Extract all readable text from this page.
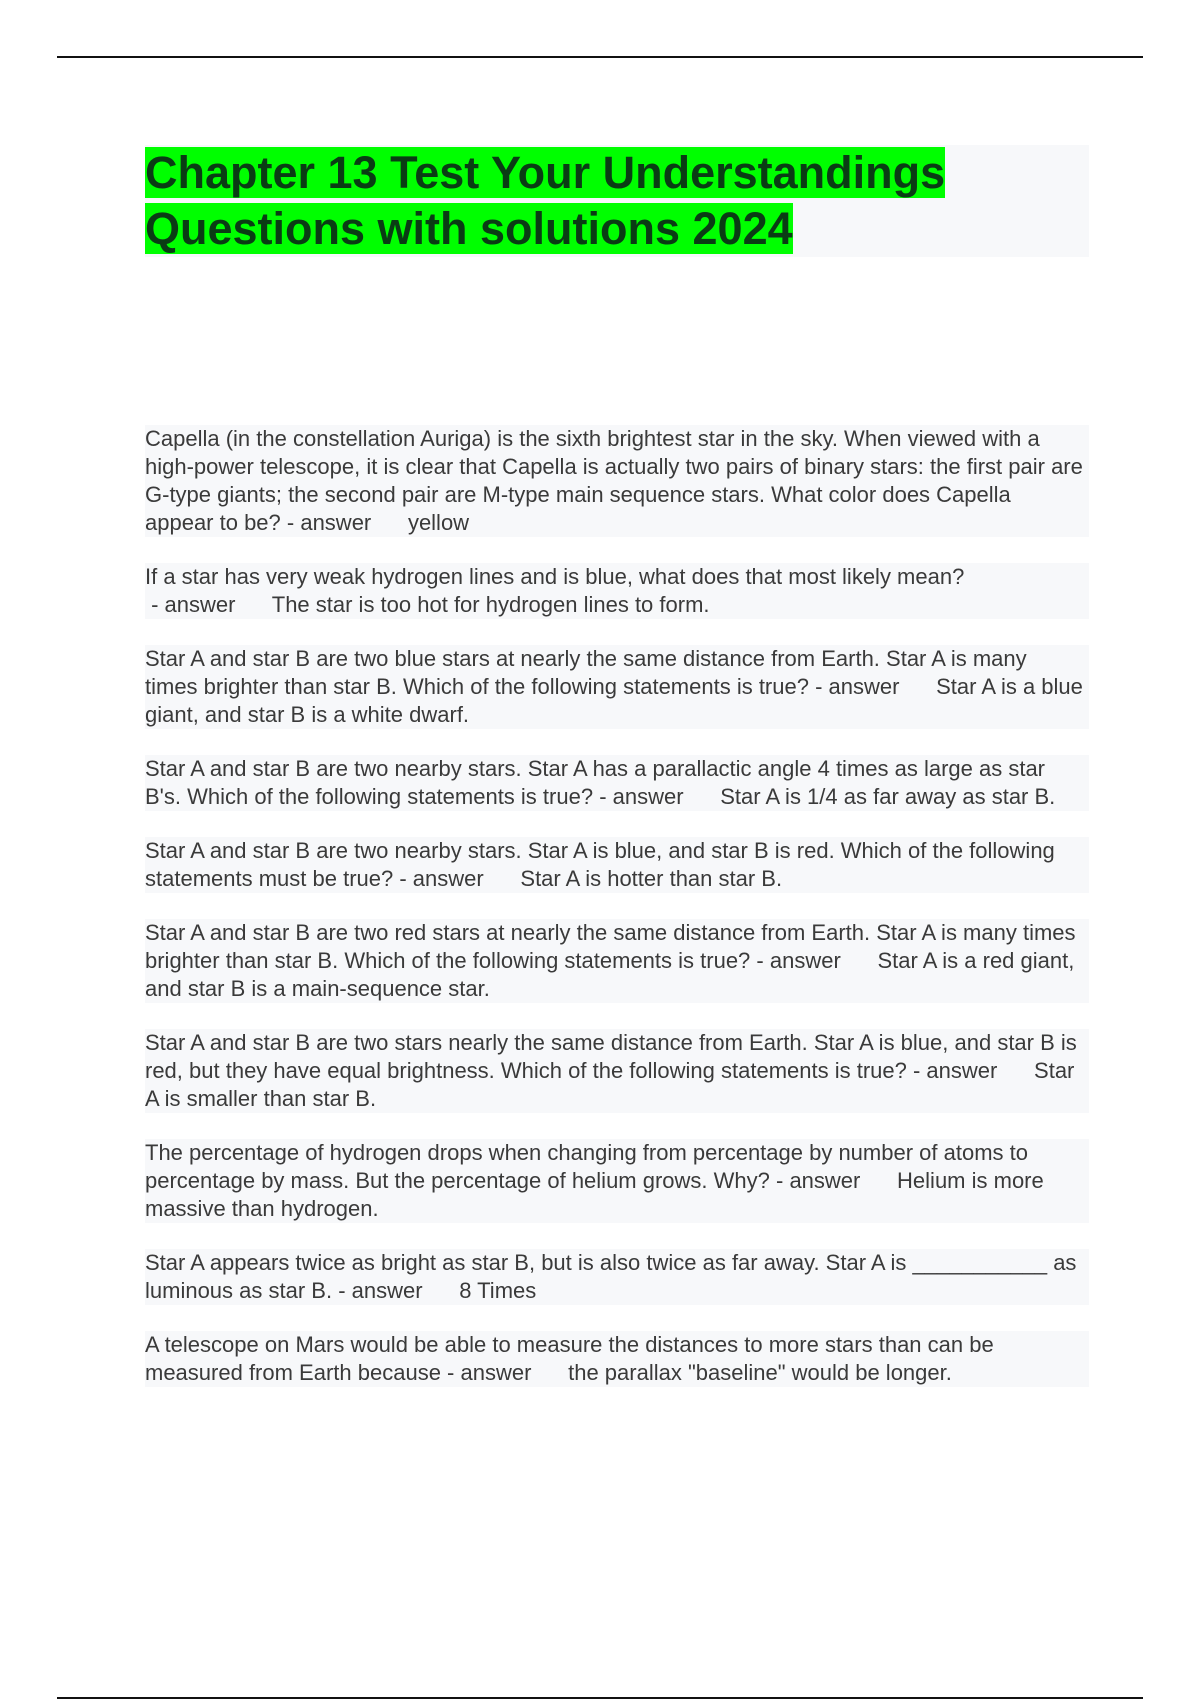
Chapter 13 Test Your Understandings
Questions with solutions 2024

Capella (in the constellation Auriga) is the sixth brightest star in the sky. When viewed with a high-power telescope, it is clear that Capella is actually two pairs of binary stars: the first pair are G-type giants; the second pair are M-type main sequence stars. What color does Capella appear to be? - answer      yellow

If a star has very weak hydrogen lines and is blue, what does that most likely mean? - answer      The star is too hot for hydrogen lines to form.

Star A and star B are two blue stars at nearly the same distance from Earth. Star A is many times brighter than star B. Which of the following statements is true? - answer      Star A is a blue giant, and star B is a white dwarf.

Star A and star B are two nearby stars. Star A has a parallactic angle 4 times as large as star B's. Which of the following statements is true? - answer      Star A is 1/4 as far away as star B.

Star A and star B are two nearby stars. Star A is blue, and star B is red. Which of the following statements must be true? - answer      Star A is hotter than star B.

Star A and star B are two red stars at nearly the same distance from Earth. Star A is many times brighter than star B. Which of the following statements is true? - answer      Star A is a red giant, and star B is a main-sequence star.

Star A and star B are two stars nearly the same distance from Earth. Star A is blue, and star B is red, but they have equal brightness. Which of the following statements is true? - answer      Star A is smaller than star B.

The percentage of hydrogen drops when changing from percentage by number of atoms to percentage by mass. But the percentage of helium grows. Why? - answer      Helium is more massive than hydrogen.

Star A appears twice as bright as star B, but is also twice as far away. Star A is ___________ as luminous as star B. - answer      8 Times

A telescope on Mars would be able to measure the distances to more stars than can be measured from Earth because - answer      the parallax "baseline" would be longer.
